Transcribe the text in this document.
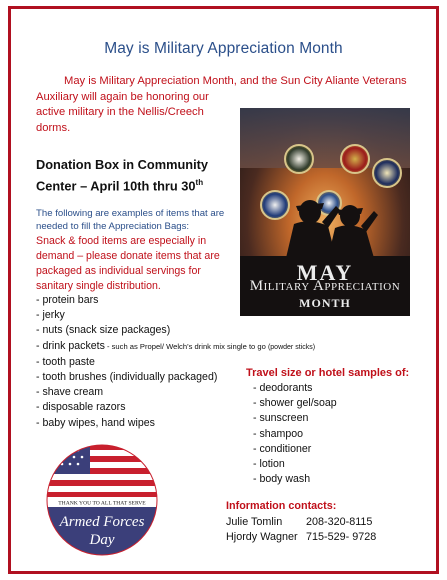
May is Military Appreciation Month
May is Military Appreciation Month, and the Sun City Aliante Veterans
Auxiliary will again be honoring our
active military in the Nellis/Creech
dorms.
MAY
Military Appreciation
MONTH
Donation Box in Community
Center – April 10th thru 30th
The following are examples of items that are needed to fill the Appreciation Bags:
Snack & food items are especially in demand – please donate items that are packaged as individual servings for sanitary single distribution.
- protein bars
- jerky
- nuts (snack size packages)
- drink packets - such as Propel/ Welch’s drink mix single to go (powder sticks)
- tooth paste
- tooth brushes (individually packaged)
- shave cream
- disposable razors
- baby wipes, hand wipes
Travel size or hotel samples of:
- deodorants
- shower gel/soap
- sunscreen
- shampoo
- conditioner
- lotion
- body wash
THANK YOU TO ALL THAT SERVE
Armed Forces
Day
Information contacts:
Julie Tomlin 208-320-8115
Hjordy Wagner 715-529- 9728
